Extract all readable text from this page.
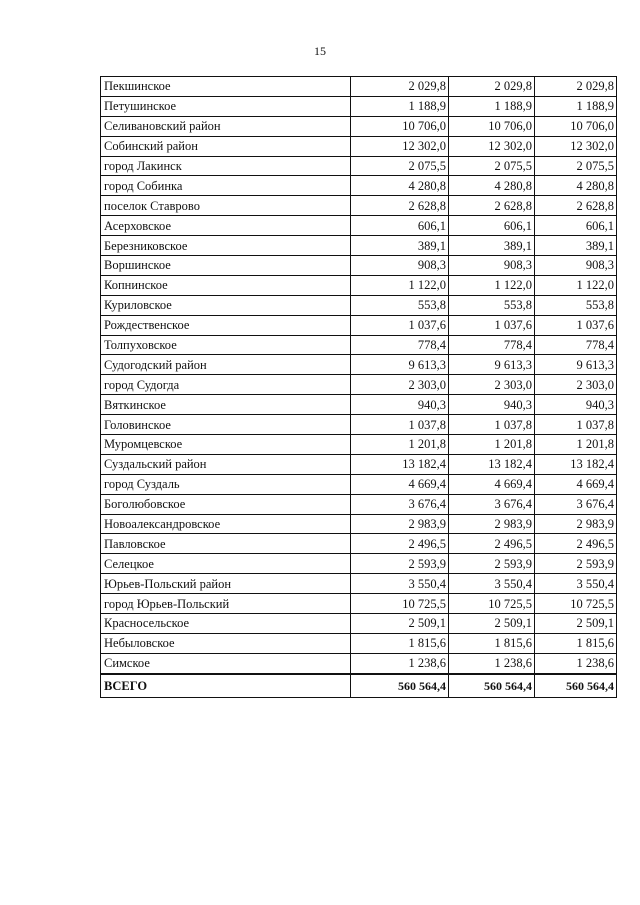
15
Пекшинское	2 029,8	2 029,8	2 029,8
Петушинское	1 188,9	1 188,9	1 188,9
Селивановский район	10 706,0	10 706,0	10 706,0
Собинский район	12 302,0	12 302,0	12 302,0
город Лакинск	2 075,5	2 075,5	2 075,5
город Собинка	4 280,8	4 280,8	4 280,8
поселок Ставрово	2 628,8	2 628,8	2 628,8
Асерховское	606,1	606,1	606,1
Березниковское	389,1	389,1	389,1
Воршинское	908,3	908,3	908,3
Копнинское	1 122,0	1 122,0	1 122,0
Куриловское	553,8	553,8	553,8
Рождественское	1 037,6	1 037,6	1 037,6
Толпуховское	778,4	778,4	778,4
Судогодский район	9 613,3	9 613,3	9 613,3
город Судогда	2 303,0	2 303,0	2 303,0
Вяткинское	940,3	940,3	940,3
Головинское	1 037,8	1 037,8	1 037,8
Муромцевское	1 201,8	1 201,8	1 201,8
Суздальский район	13 182,4	13 182,4	13 182,4
город Суздаль	4 669,4	4 669,4	4 669,4
Боголюбовское	3 676,4	3 676,4	3 676,4
Новоалександровское	2 983,9	2 983,9	2 983,9
Павловское	2 496,5	2 496,5	2 496,5
Селецкое	2 593,9	2 593,9	2 593,9
Юрьев-Польский район	3 550,4	3 550,4	3 550,4
город Юрьев-Польский	10 725,5	10 725,5	10 725,5
Красносельское	2 509,1	2 509,1	2 509,1
Небыловское	1 815,6	1 815,6	1 815,6
Симское	1 238,6	1 238,6	1 238,6
ВСЕГО	560 564,4	560 564,4	560 564,4
